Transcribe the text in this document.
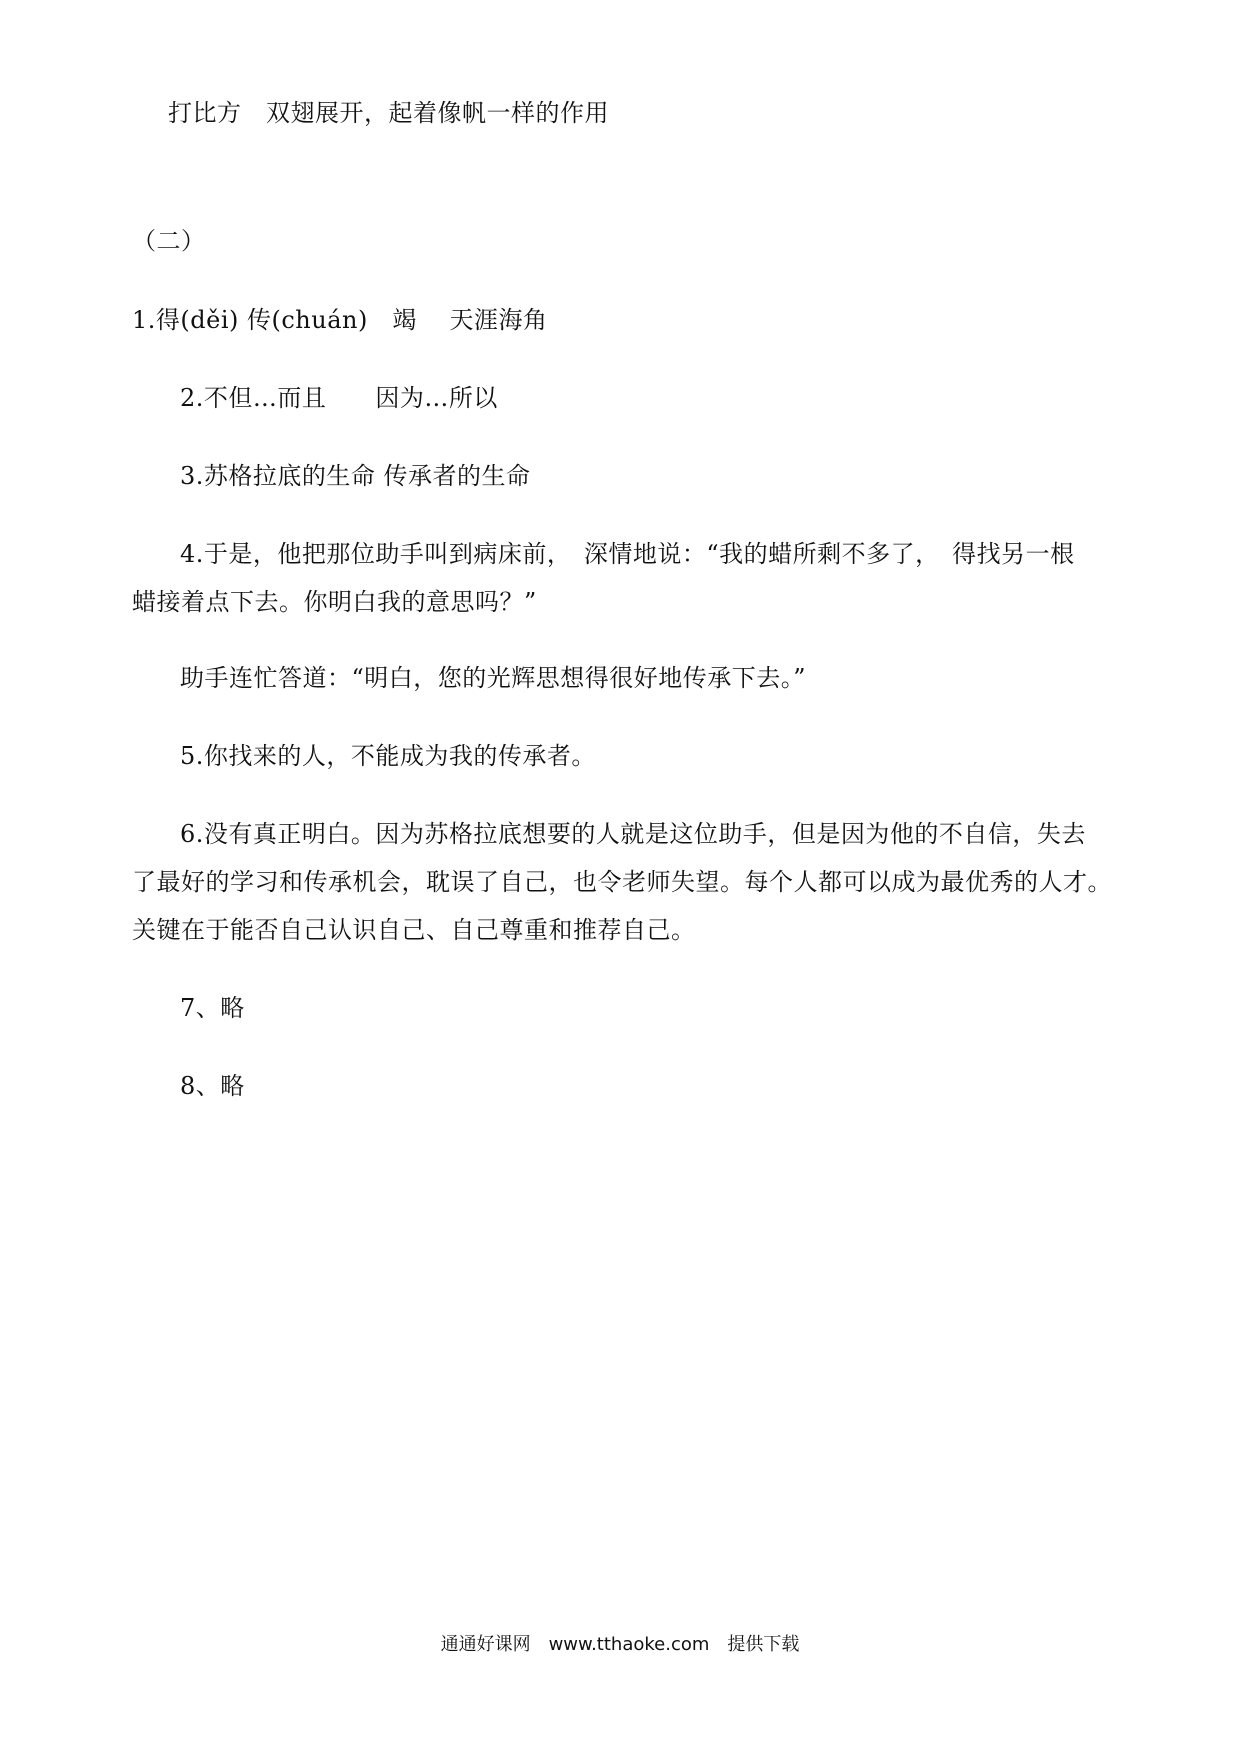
打比方　双翅展开，起着像帆一样的作用
（二）
1.得(děi) 传(chuán)　竭　 天涯海角
2.不但…而且　　因为…所以
3.苏格拉底的生命 传承者的生命
4.于是，他把那位助手叫到病床前，　深情地说：“我的蜡所剩不多了，　得找另一根
蜡接着点下去。你明白我的意思吗？”
助手连忙答道：“明白，您的光辉思想得很好地传承下去。”
5.你找来的人，不能成为我的传承者。
6.没有真正明白。因为苏格拉底想要的人就是这位助手，但是因为他的不自信，失去
了最好的学习和传承机会，耽误了自己，也令老师失望。每个人都可以成为最优秀的人才。
关键在于能否自己认识自己、自己尊重和推荐自己。
7、略
8、略
通通好课网　www.tthaoke.com　提供下载
